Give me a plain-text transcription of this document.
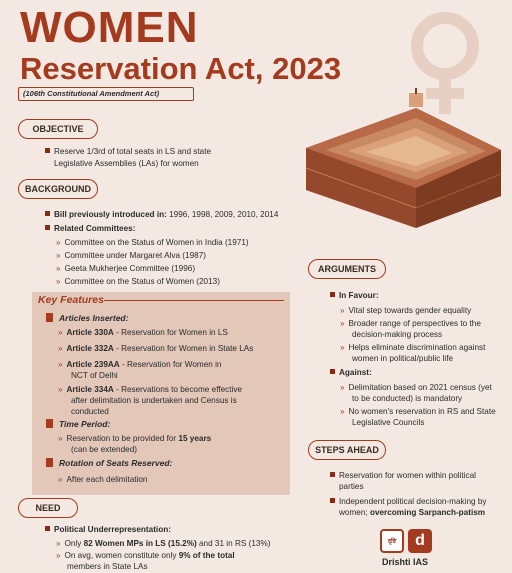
WOMEN
Reservation Act, 2023
(106th Constitutional Amendment Act)
OBJECTIVE
Reserve 1/3rd of total seats in LS and state
Legislative Assemblies (LAs) for women
BACKGROUND
Bill previously introduced in: 1996, 1998, 2009, 2010, 2014
Related Committees:
» Committee on the Status of Women in India (1971)
» Committee under Margaret Alva (1987)
» Geeta Mukherjee Committee (1996)
» Committee on the Status of Women (2013)
Key Features
Articles Inserted:
» Article 330A - Reservation for Women in LS
» Article 332A - Reservation for Women in State LAs
» Article 239AA - Reservation for Women in
NCT of Delhi
» Article 334A - Reservations to become effective
after delimitation is undertaken and Census is
conducted
Time Period:
» Reservation to be provided for 15 years
(can be extended)
Rotation of Seats Reserved:
» After each delimitation
NEED
Political Underrepresentation:
» Only 82 Women MPs in LS (15.2%) and 31 in RS (13%)
» On avg, women constitute only 9% of the total
members in State LAs
ARGUMENTS
In Favour:
» Vital step towards gender equality
» Broader range of perspectives to the
decision-making process
» Helps eliminate discrimination against
women in political/public life
Against:
» Delimitation based on 2021 census (yet
to be conducted) is mandatory
» No women's reservation in RS and State
Legislative Councils
STEPS AHEAD
Reservation for women within political
parties
Independent political decision-making by
women; overcoming Sarpanch-patism
दृष्टि	d
Drishti IAS
